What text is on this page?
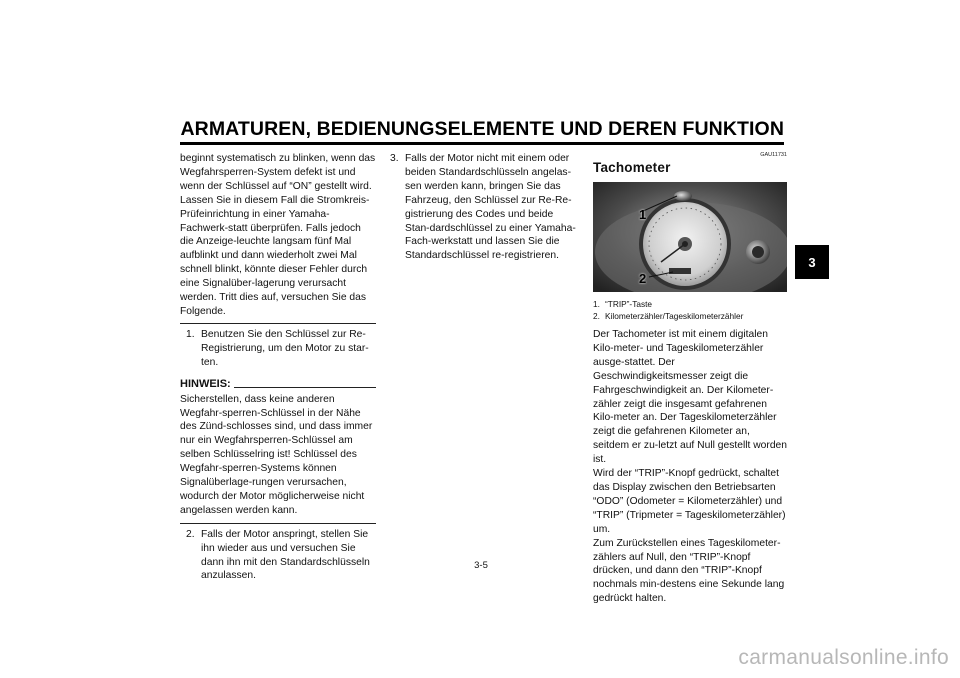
ARMATUREN, BEDIENUNGSELEMENTE UND DEREN FUNKTION
3

beginnt systematisch zu blinken, wenn das Wegfahrsperren-System defekt ist und wenn der Schlüssel auf “ON” gestellt wird. Lassen Sie in diesem Fall die Stromkreis-Prüfeinrichtung in einer Yamaha-Fachwerk-statt überprüfen. Falls jedoch die Anzeige-leuchte langsam fünf Mal aufblinkt und dann wiederholt zwei Mal schnell blinkt, könnte dieser Fehler durch eine Signalüber-lagerung verursacht werden. Tritt dies auf, versuchen Sie das Folgende.

1. Benutzen Sie den Schlüssel zur Re-Registrierung, um den Motor zu star-ten.
HINWEIS:

Sicherstellen, dass keine anderen Wegfahr-sperren-Schlüssel in der Nähe des Zünd-schlosses sind, und dass immer nur ein Wegfahrsperren-Schlüssel am selben Schlüsselring ist! Schlüssel des Wegfahr-sperren-Systems können Signalüberlage-rungen verursachen, wodurch der Motor möglicherweise nicht angelassen werden kann.

2. Falls der Motor anspringt, stellen Sie ihn wieder aus und versuchen Sie dann ihn mit den Standardschlüsseln anzulassen.
3. Falls der Motor nicht mit einem oder beiden Standardschlüsseln angelas-sen werden kann, bringen Sie das Fahrzeug, den Schlüssel zur Re-Re-gistrierung des Codes und beide Stan-dardschlüssel zu einer Yamaha-Fach-werkstatt und lassen Sie die Standardschlüssel re-registrieren.
GAU11731
Tachometer
1
2
1. “TRIP”-Taste
2. Kilometerzähler/Tageskilometerzähler

Der Tachometer ist mit einem digitalen Kilo-meter- und Tageskilometerzähler ausge-stattet. Der Geschwindigkeitsmesser zeigt die Fahrgeschwindigkeit an. Der Kilometer-zähler zeigt die insgesamt gefahrenen Kilo-meter an. Der Tageskilometerzähler zeigt die gefahrenen Kilometer an, seitdem er zu-letzt auf Null gestellt worden ist.

Wird der “TRIP”-Knopf gedrückt, schaltet das Display zwischen den Betriebsarten “ODO” (Odometer = Kilometerzähler) und “TRIP” (Tripmeter = Tageskilometerzähler) um.

Zum Zurückstellen eines Tageskilometer-zählers auf Null, den “TRIP”-Knopf drücken, und dann den “TRIP”-Knopf nochmals min-destens eine Sekunde lang gedrückt halten.

3-5
carmanualsonline.info
